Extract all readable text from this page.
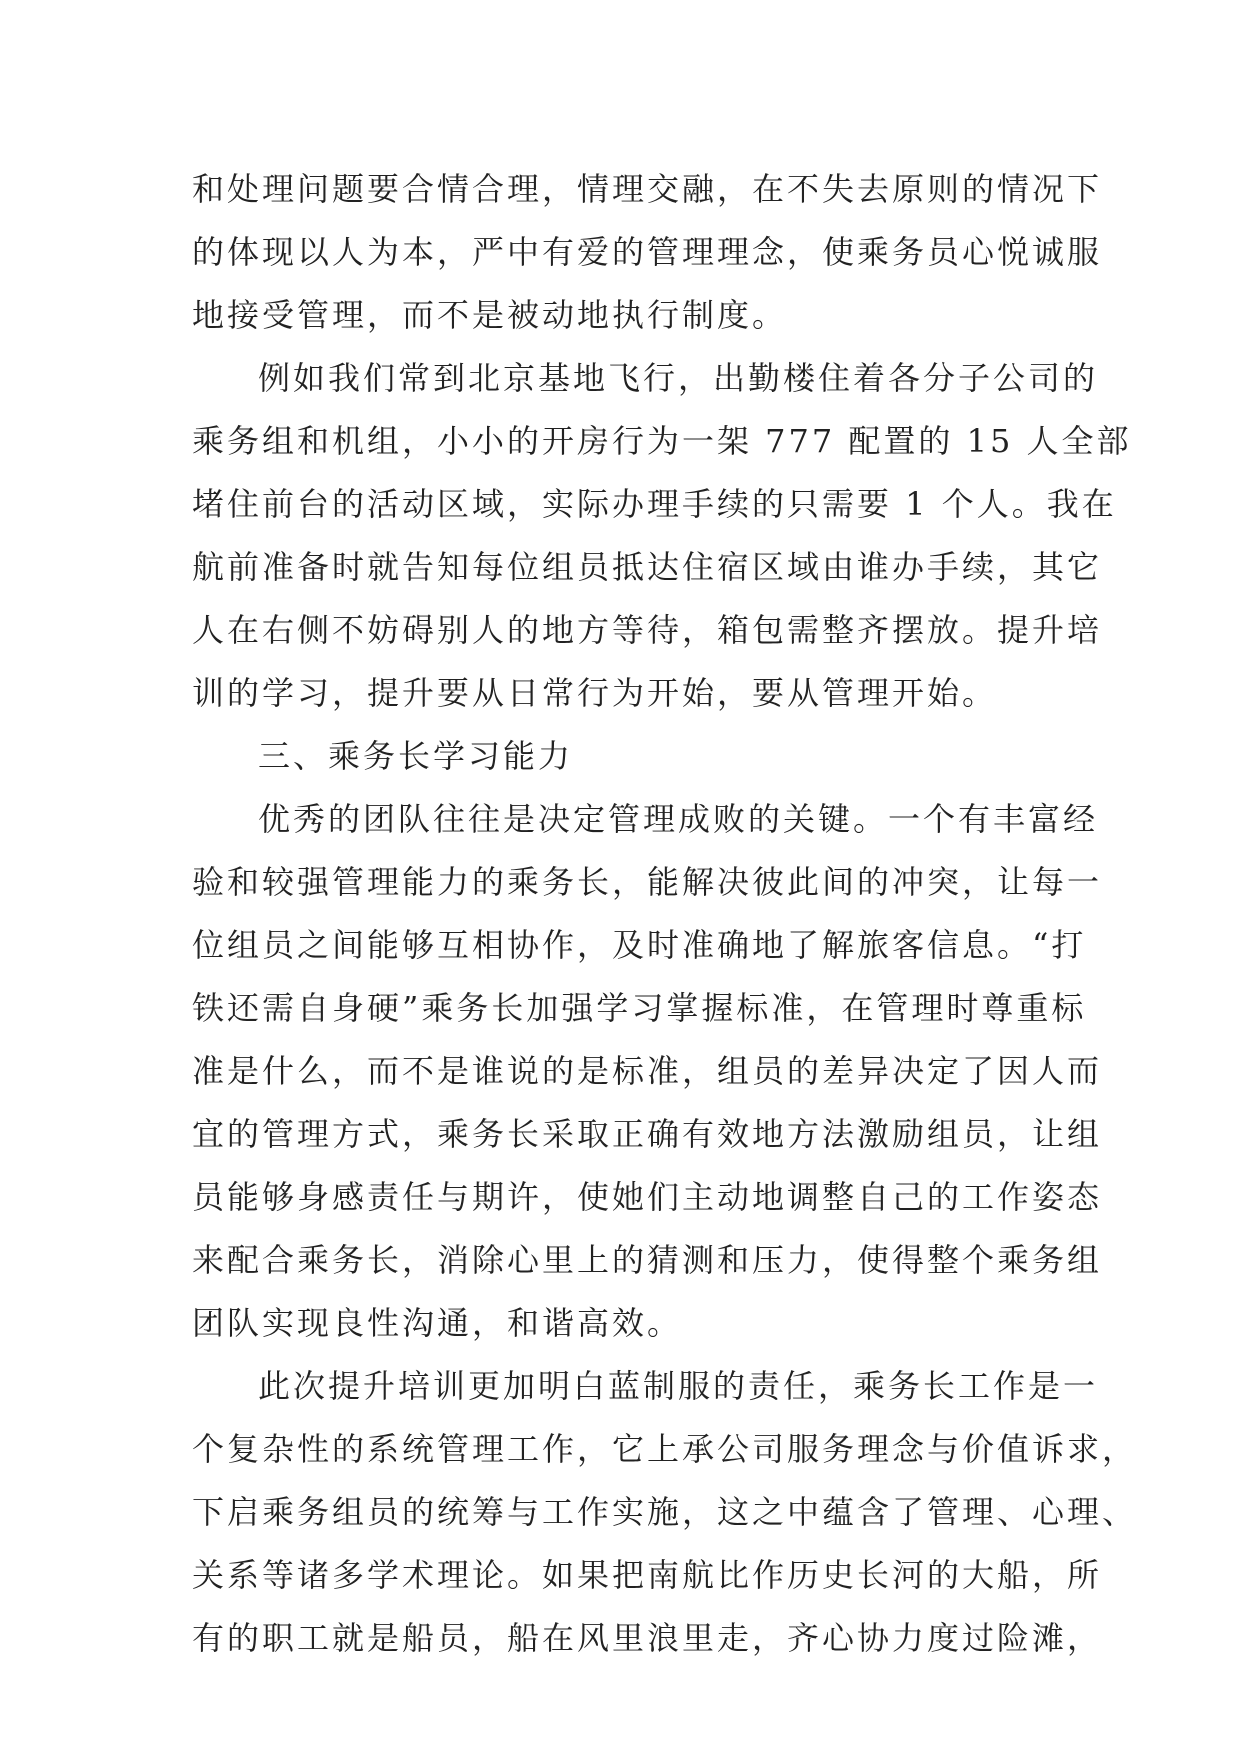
和处理问题要合情合理，情理交融，在不失去原则的情况下
的体现以人为本，严中有爱的管理理念，使乘务员心悦诚服
地接受管理，而不是被动地执行制度。
例如我们常到北京基地飞行，出勤楼住着各分子公司的
乘务组和机组，小小的开房行为一架 777 配置的 15 人全部
堵住前台的活动区域，实际办理手续的只需要 1 个人。我在
航前准备时就告知每位组员抵达住宿区域由谁办手续，其它
人在右侧不妨碍别人的地方等待，箱包需整齐摆放。提升培
训的学习，提升要从日常行为开始，要从管理开始。
三、乘务长学习能力
优秀的团队往往是决定管理成败的关键。一个有丰富经
验和较强管理能力的乘务长，能解决彼此间的冲突，让每一
位组员之间能够互相协作，及时准确地了解旅客信息。“打
铁还需自身硬”乘务长加强学习掌握标准，在管理时尊重标
准是什么，而不是谁说的是标准，组员的差异决定了因人而
宜的管理方式，乘务长采取正确有效地方法激励组员，让组
员能够身感责任与期许，使她们主动地调整自己的工作姿态
来配合乘务长，消除心里上的猜测和压力，使得整个乘务组
团队实现良性沟通，和谐高效。
此次提升培训更加明白蓝制服的责任，乘务长工作是一
个复杂性的系统管理工作，它上承公司服务理念与价值诉求，
下启乘务组员的统筹与工作实施，这之中蕴含了管理、心理、
关系等诸多学术理论。如果把南航比作历史长河的大船，所
有的职工就是船员，船在风里浪里走，齐心协力度过险滩，
